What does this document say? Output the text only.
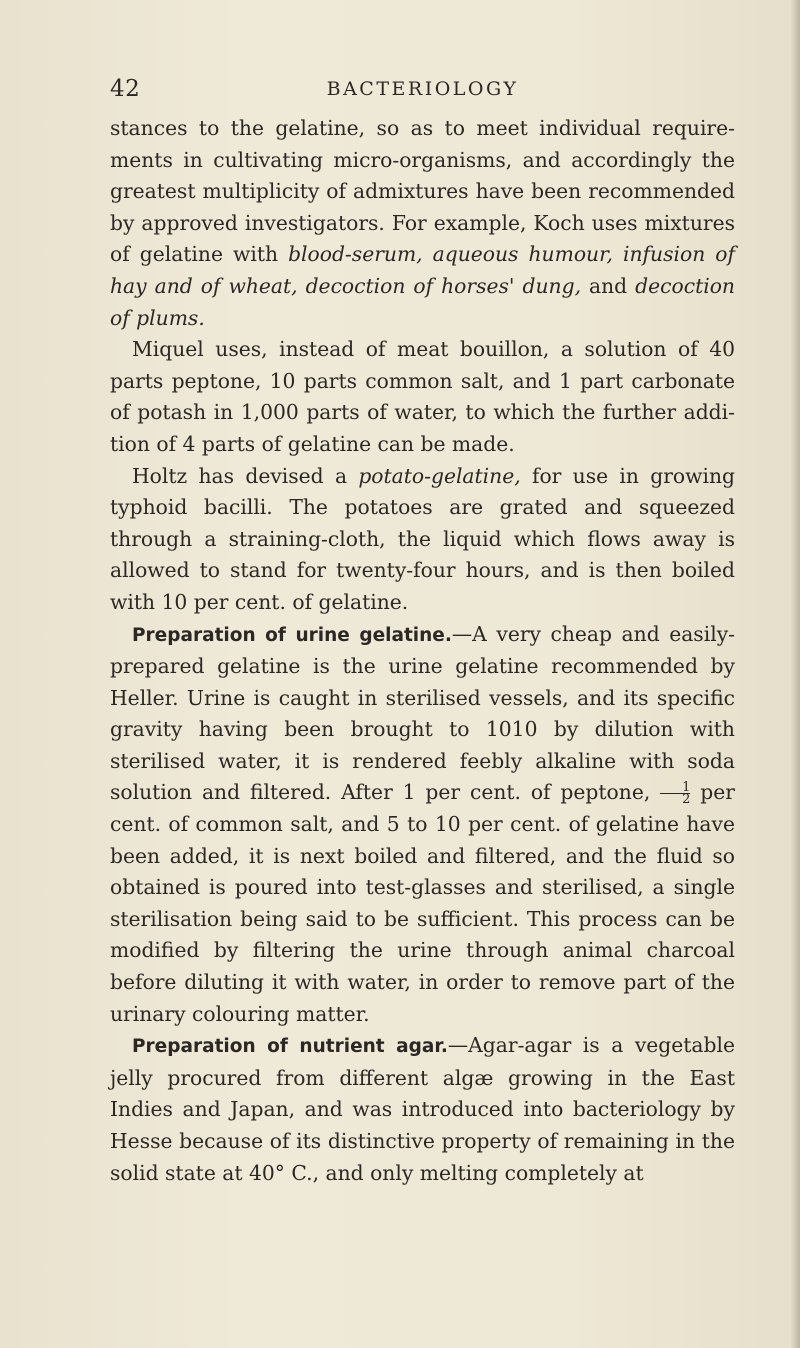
42	BACTERIOLOGY

stances to the gelatine, so as to meet individual require-ments in cultivating micro-organisms, and accordingly the greatest multiplicity of admixtures have been recommended by approved investigators. For example, Koch uses mixtures of gelatine with blood-serum, aqueous humour, infusion of hay and of wheat, decoction of horses' dung, and decoction of plums.

Miquel uses, instead of meat bouillon, a solution of 40 parts peptone, 10 parts common salt, and 1 part carbonate of potash in 1,000 parts of water, to which the further addi-tion of 4 parts of gelatine can be made.

Holtz has devised a potato-gelatine, for use in growing typhoid bacilli. The potatoes are grated and squeezed through a straining-cloth, the liquid which flows away is allowed to stand for twenty-four hours, and is then boiled with 10 per cent. of gelatine.

Preparation of urine gelatine.—A very cheap and easily-prepared gelatine is the urine gelatine recommended by Heller. Urine is caught in sterilised vessels, and its specific gravity having been brought to 1010 by dilution with sterilised water, it is rendered feebly alkaline with soda solution and filtered. After 1 per cent. of peptone, $\frac{1}{2}$ per cent. of common salt, and 5 to 10 per cent. of gelatine have been added, it is next boiled and filtered, and the fluid so obtained is poured into test-glasses and sterilised, a single sterilisation being said to be sufficient. This process can be modified by filtering the urine through animal charcoal before diluting it with water, in order to remove part of the urinary colouring matter.

Preparation of nutrient agar.—Agar-agar is a vegetable jelly procured from different algæ growing in the East Indies and Japan, and was introduced into bacteriology by Hesse because of its distinctive property of remaining in the solid state at 40° C., and only melting completely at
